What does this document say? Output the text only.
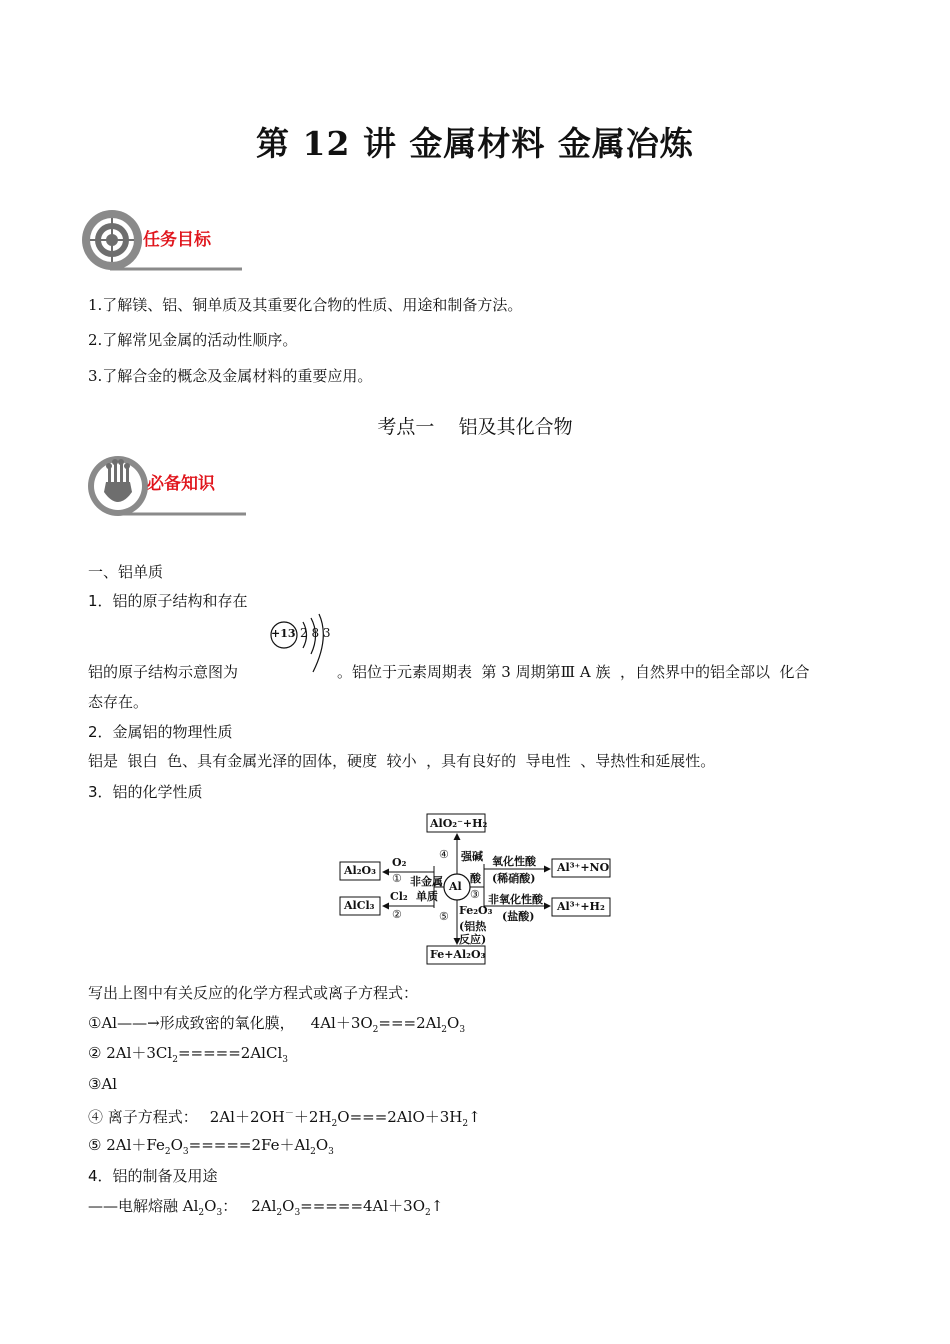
第 12 讲 金属材料 金属冶炼
任务目标
1.了解镁、铝、铜单质及其重要化合物的性质、用途和制备方法。
2.了解常见金属的活动性顺序。
3.了解合金的概念及金属材料的重要应用。
考点一    铝及其化合物
必备知识
一、铝单质
1．铝的原子结构和存在
+13 2 8 3
铝的原子结构示意图为	。铝位于元素周期表  第 3 周期第Ⅲ A 族  ，自然界中的铝全部以  化合
态存在。
2．金属铝的物理性质
铝是  银白  色、具有金属光泽的固体，硬度  较小  ，具有良好的  导电性  、导热性和延展性。
3．铝的化学性质
Al
AlO₂⁻+H₂
④ 强碱
Al₂O₃
O₂
①
AlCl₃
Cl₂
②
非金属
单质
酸
③
氧化性酸
(稀硝酸)
Al³⁺+NO
非氧化性酸
(盐酸)
Al³⁺+H₂
⑤ Fe₂O₃
(铝热
反应)
Fe+Al₂O₃
写出上图中有关反应的化学方程式或离子方程式：
①Al——→形成致密的氧化膜， $4Al+3O_2===2Al_2O_3$
② $2Al+3Cl_2=====2AlCl_3$
③Al
④ 离子方程式： $2Al+2OH^-+2H_2O===2AlO+3H_2↑$
⑤ $2Al+Fe_2O_3=====2Fe+Al_2O_3$
4．铝的制备及用途
——电解熔融 $Al_2O_3$： $2Al_2O_3=====4Al+3O_2↑$
